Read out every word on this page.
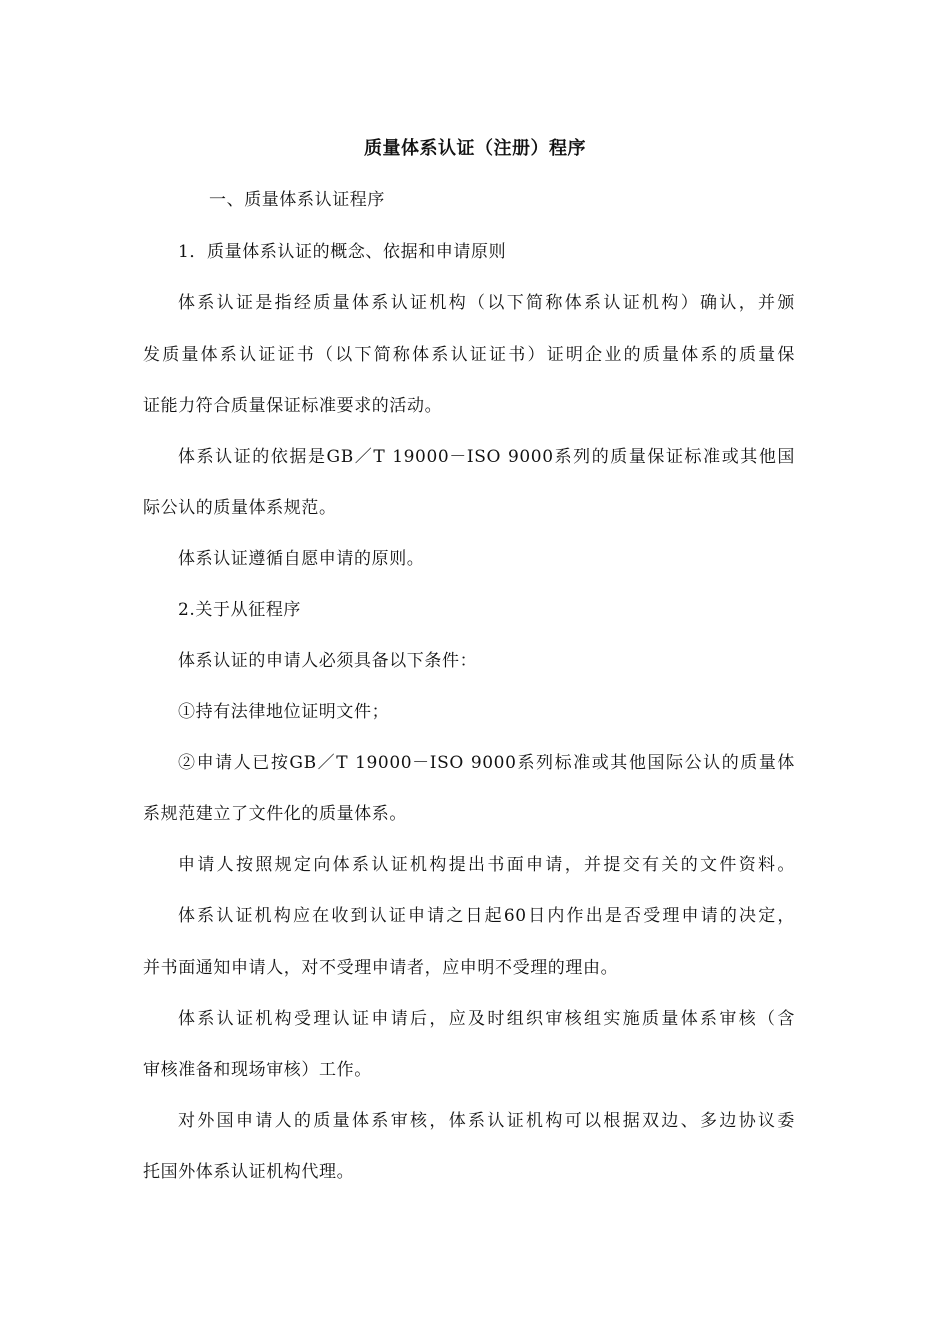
质量体系认证（注册）程序
一、质量体系认证程序
1．质量体系认证的概念、依据和申请原则
体系认证是指经质量体系认证机构（以下简称体系认证机构）确认，并颁
发质量体系认证证书（以下简称体系认证证书）证明企业的质量体系的质量保
证能力符合质量保证标准要求的活动。
体系认证的依据是GB／T 19000－ISO 9000系列的质量保证标准或其他国
际公认的质量体系规范。
体系认证遵循自愿申请的原则。
2.关于从征程序
体系认证的申请人必须具备以下条件：
①持有法律地位证明文件；
②申请人已按GB／T 19000－ISO 9000系列标准或其他国际公认的质量体
系规范建立了文件化的质量体系。
申请人按照规定向体系认证机构提出书面申请，并提交有关的文件资料。
体系认证机构应在收到认证申请之日起60日内作出是否受理申请的决定，
并书面通知申请人，对不受理申请者，应申明不受理的理由。
体系认证机构受理认证申请后，应及时组织审核组实施质量体系审核（含
审核准备和现场审核）工作。
对外国申请人的质量体系审核，体系认证机构可以根据双边、多边协议委
托国外体系认证机构代理。
